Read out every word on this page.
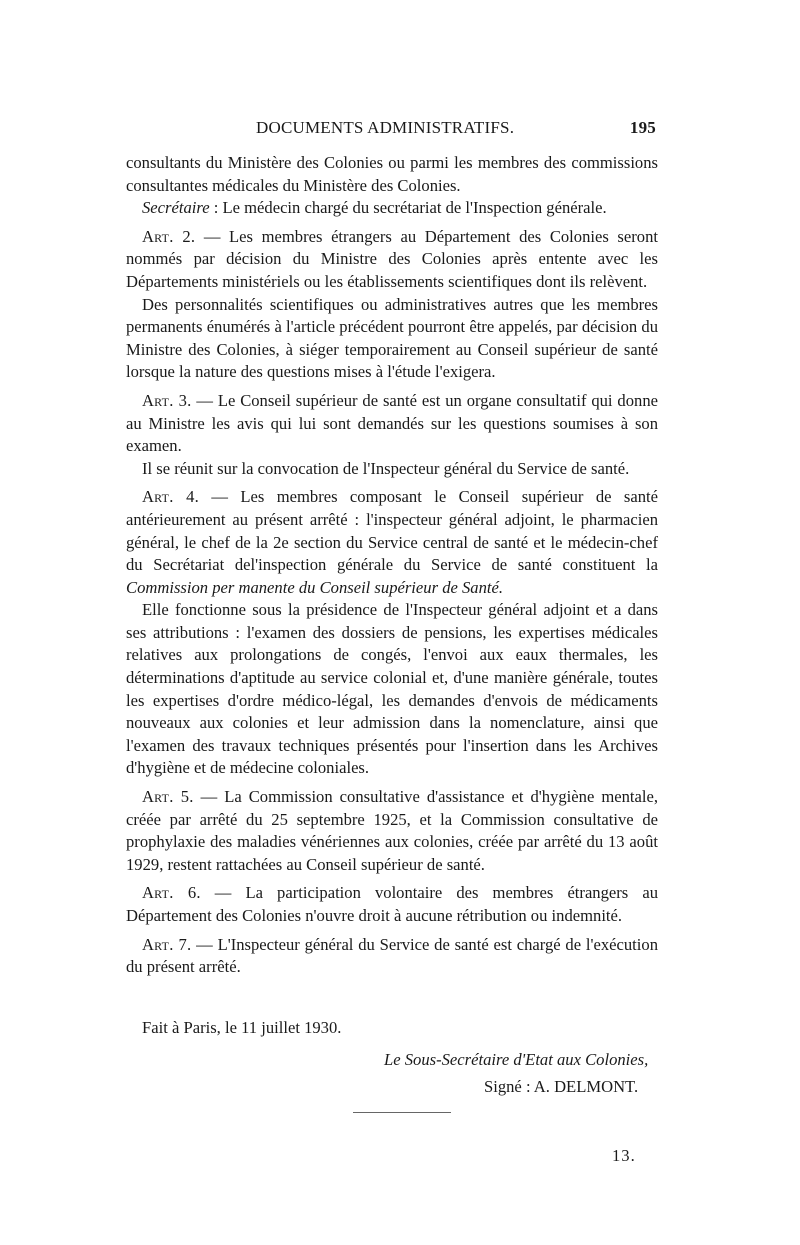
DOCUMENTS ADMINISTRATIFS.	195

consultants du Ministère des Colonies ou parmi les membres des commissions consultantes médicales du Ministère des Colonies.

Secrétaire : Le médecin chargé du secrétariat de l'Inspection générale.

Art. 2. — Les membres étrangers au Département des Colonies seront nommés par décision du Ministre des Colonies après entente avec les Départements ministériels ou les établissements scientifiques dont ils relèvent.

Des personnalités scientifiques ou administratives autres que les membres permanents énumérés à l'article précédent pourront être appelés, par décision du Ministre des Colonies, à siéger temporairement au Conseil supérieur de santé lorsque la nature des questions mises à l'étude l'exigera.

Art. 3. — Le Conseil supérieur de santé est un organe consultatif qui donne au Ministre les avis qui lui sont demandés sur les questions soumises à son examen.

Il se réunit sur la convocation de l'Inspecteur général du Service de santé.

Art. 4. — Les membres composant le Conseil supérieur de santé antérieurement au présent arrêté : l'inspecteur général adjoint, le pharmacien général, le chef de la 2e section du Service central de santé et le médecin-chef du Secrétariat del'inspection générale du Service de santé constituent la Commission per manente du Conseil supérieur de Santé.

Elle fonctionne sous la présidence de l'Inspecteur général adjoint et a dans ses attributions : l'examen des dossiers de pensions, les expertises médicales relatives aux prolongations de congés, l'envoi aux eaux thermales, les déterminations d'aptitude au service colonial et, d'une manière générale, toutes les expertises d'ordre médico-légal, les demandes d'envois de médicaments nouveaux aux colonies et leur admission dans la nomenclature, ainsi que l'examen des travaux techniques présentés pour l'insertion dans les Archives d'hygiène et de médecine coloniales.

Art. 5. — La Commission consultative d'assistance et d'hygiène mentale, créée par arrêté du 25 septembre 1925, et la Commission consultative de prophylaxie des maladies vénériennes aux colonies, créée par arrêté du 13 août 1929, restent rattachées au Conseil supérieur de santé.

Art. 6. — La participation volontaire des membres étrangers au Département des Colonies n'ouvre droit à aucune rétribution ou indemnité.

Art. 7. — L'Inspecteur général du Service de santé est chargé de l'exécution du présent arrêté.

Fait à Paris, le 11 juillet 1930.
Le Sous-Secrétaire d'Etat aux Colonies,
Signé : A. DELMONT.
13.
